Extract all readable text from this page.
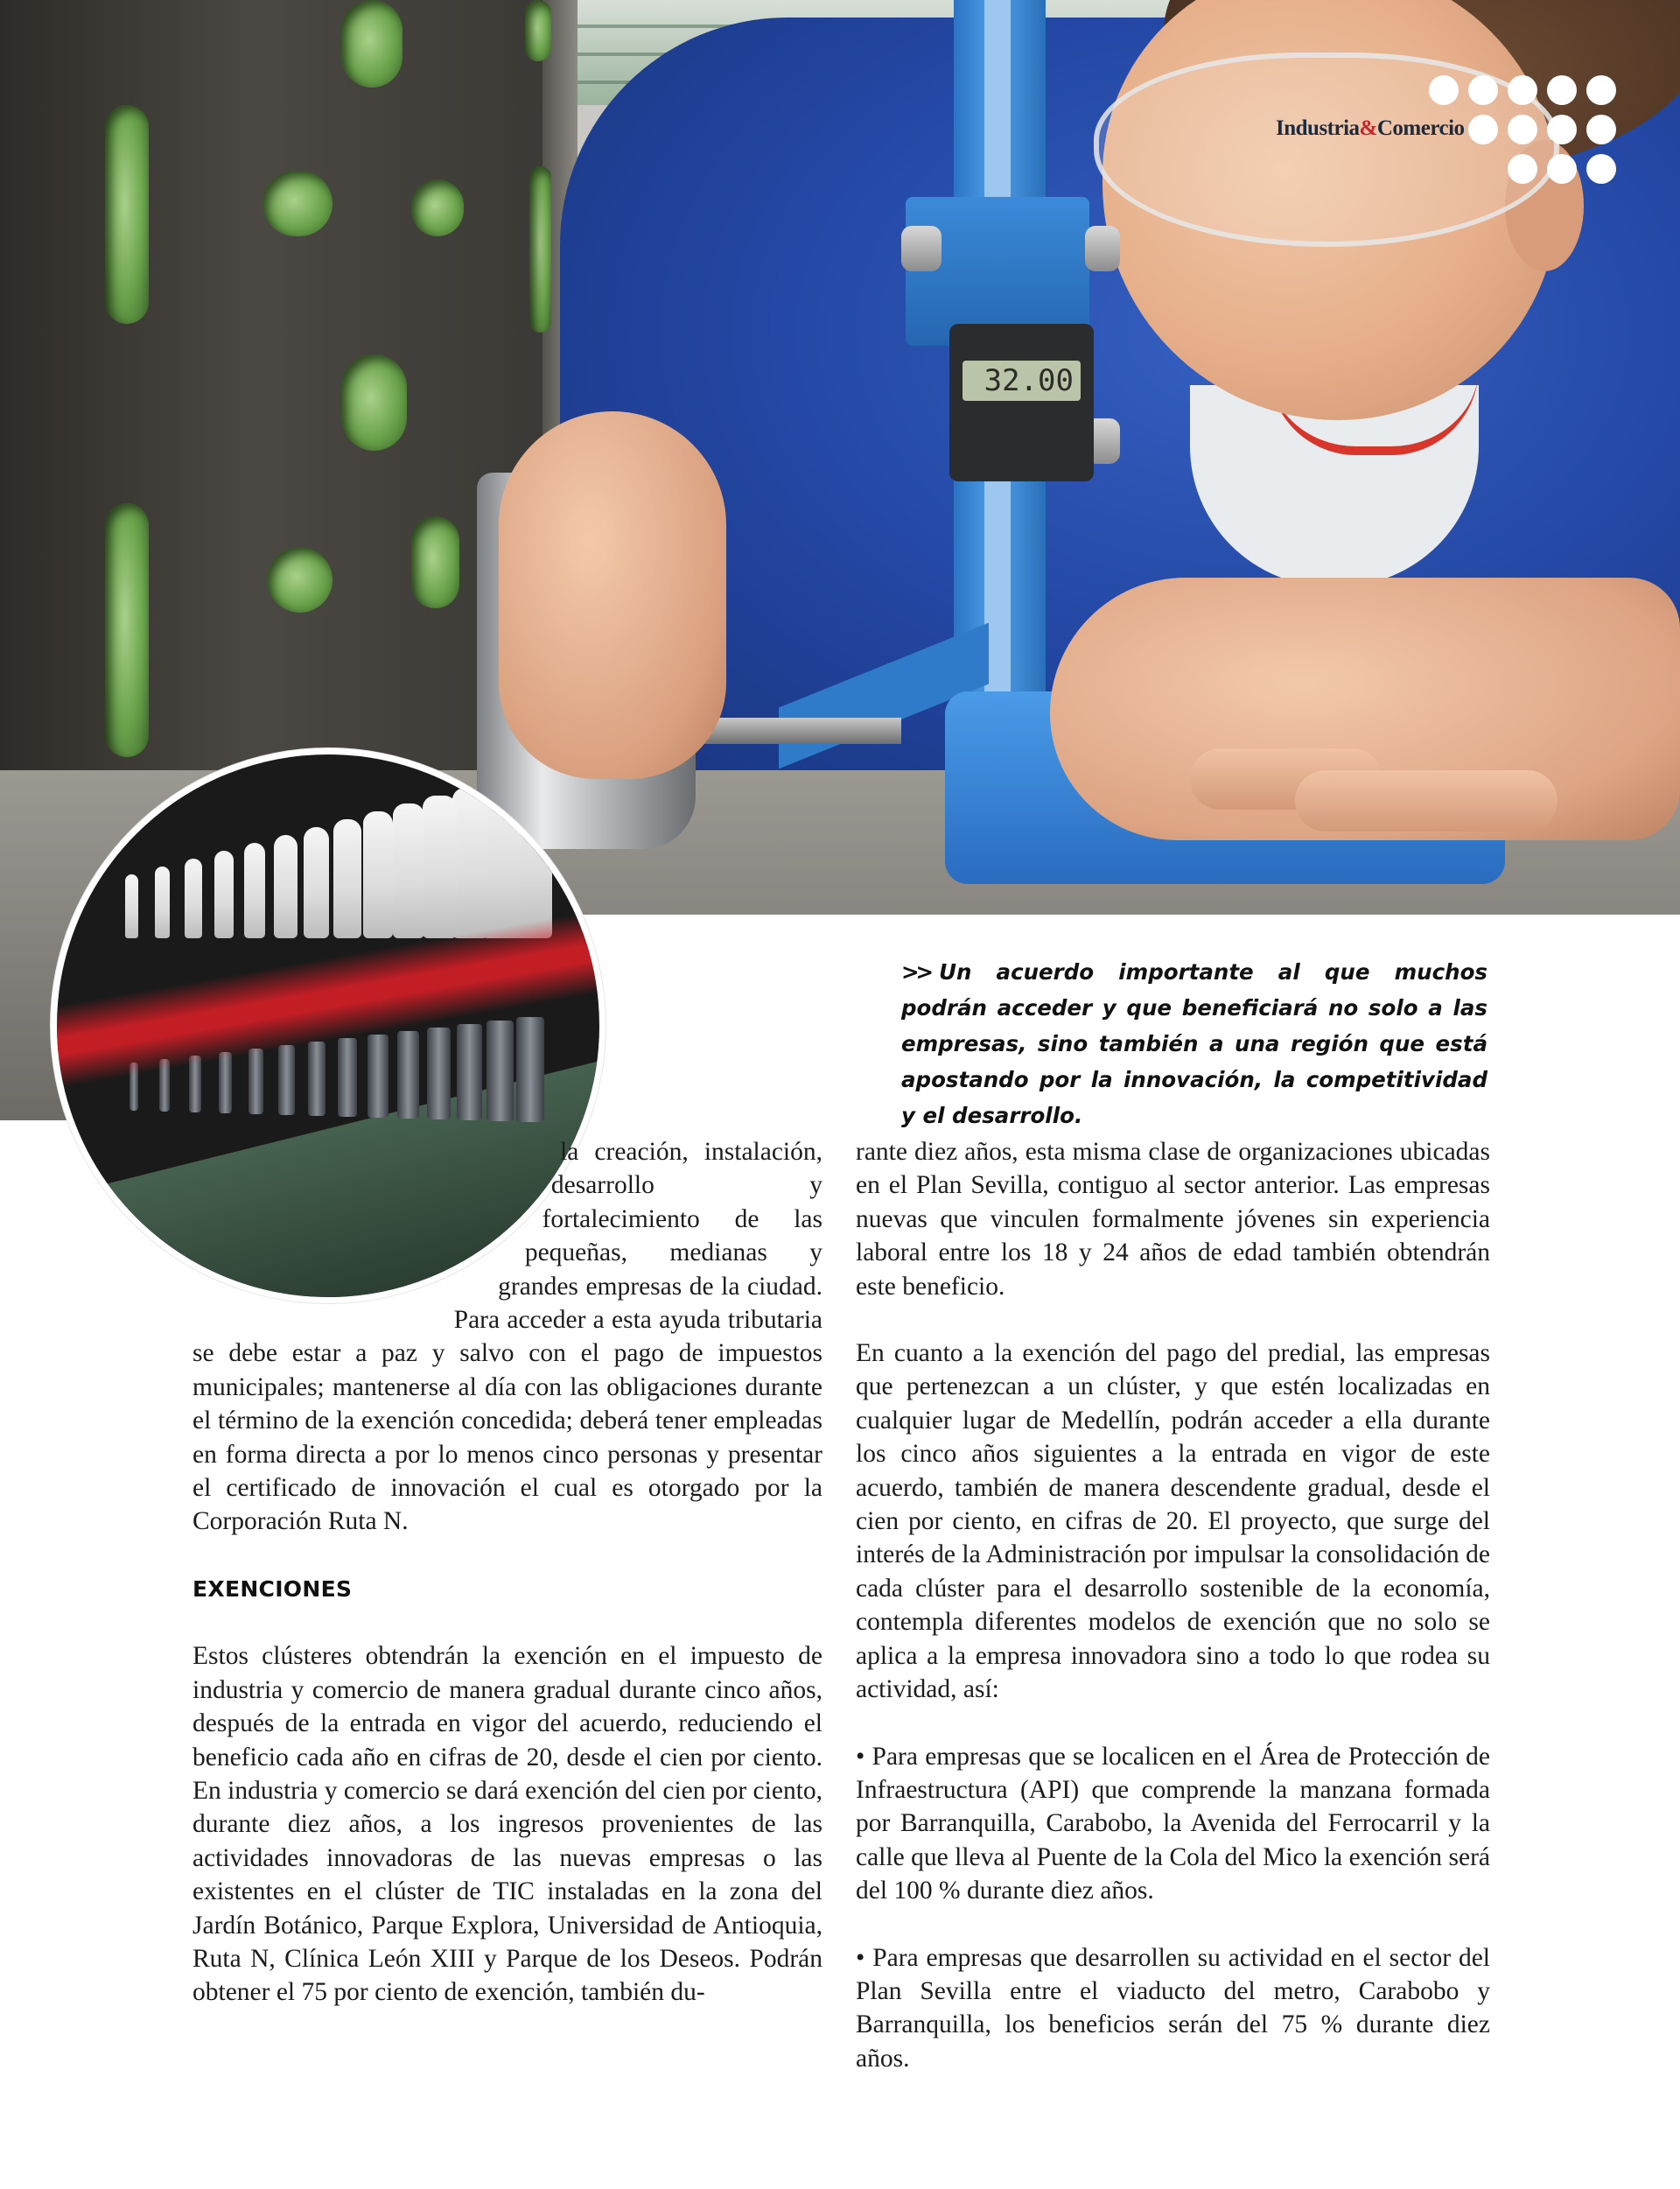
32.00
Industria&Comercio
>> Un acuerdo importante al que muchos podrán acceder y que beneficiará no solo a las empresas, sino también a una región que está apostando por la innovación, la competitividad y el desarrollo.

la creación, instalación, desarrollo y fortalecimiento de las pequeñas, medianas y grandes empresas de la ciudad. Para acceder a esta ayuda tributaria se debe estar a paz y salvo con el pago de impuestos municipales; mantenerse al día con las obligaciones durante el término de la exención concedida; deberá tener empleadas en forma directa a por lo menos cinco personas y presentar el certificado de innovación el cual es otorgado por la Corporación Ruta N.

EXENCIONES

Estos clústeres obtendrán la exención en el impuesto de industria y comercio de manera gradual durante cinco años, después de la entrada en vigor del acuerdo, reduciendo el beneficio cada año en cifras de 20, desde el cien por ciento. En industria y comercio se dará exención del cien por ciento, durante diez años, a los ingresos provenientes de las actividades innovadoras de las nuevas empresas o las existentes en el clúster de TIC instaladas en la zona del Jardín Botánico, Parque Explora, Universidad de Antioquia, Ruta N, Clínica León XIII y Parque de los Deseos. Podrán obtener el 75 por ciento de exención, también du-

rante diez años, esta misma clase de organizaciones ubicadas en el Plan Sevilla, contiguo al sector anterior. Las empresas nuevas que vinculen formalmente jóvenes sin experiencia laboral entre los 18 y 24 años de edad también obtendrán este beneficio.

En cuanto a la exención del pago del predial, las empresas que pertenezcan a un clúster, y que estén localizadas en cualquier lugar de Medellín, podrán acceder a ella durante los cinco años siguientes a la entrada en vigor de este acuerdo, también de manera descendente gradual, desde el cien por ciento, en cifras de 20. El proyecto, que surge del interés de la Administración por impulsar la consolidación de cada clúster para el desarrollo sostenible de la economía, contempla diferentes modelos de exención que no solo se aplica a la empresa innovadora sino a todo lo que rodea su actividad, así:

• Para empresas que se localicen en el Área de Protección de Infraestructura (API) que comprende la manzana formada por Barranquilla, Carabobo, la Avenida del Ferrocarril y la calle que lleva al Puente de la Cola del Mico la exención será del 100 % durante diez años.

• Para empresas que desarrollen su actividad en el sector del Plan Sevilla entre el viaducto del metro, Carabobo y Barranquilla, los beneficios serán del 75 % durante diez años.
